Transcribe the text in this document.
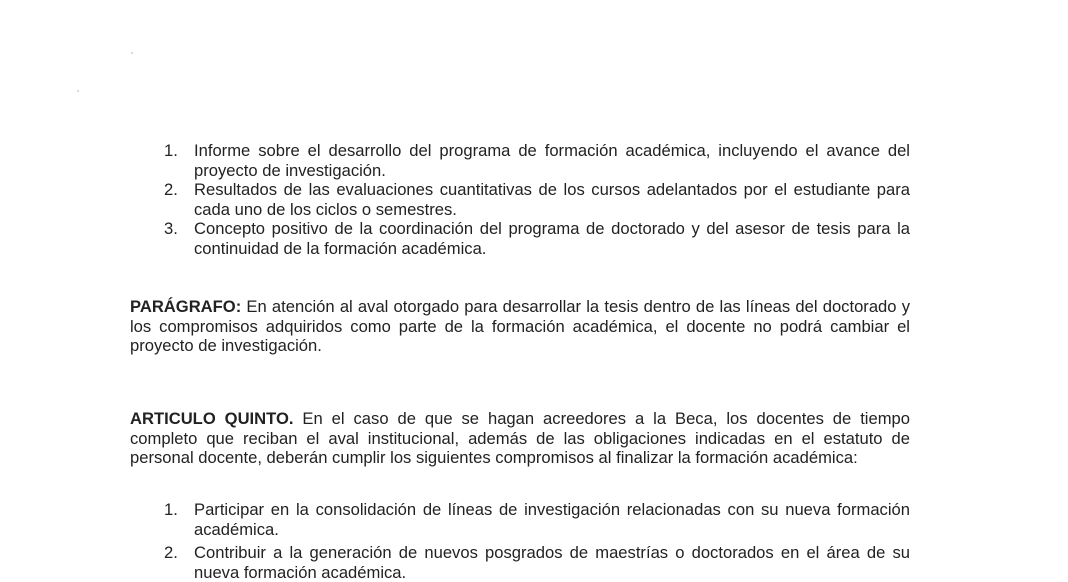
1. Informe sobre el desarrollo del programa de formación académica, incluyendo el avance del proyecto de investigación.
2. Resultados de las evaluaciones cuantitativas de los cursos adelantados por el estudiante para cada uno de los ciclos o semestres.
3. Concepto positivo de la coordinación del programa de doctorado y del asesor de tesis para la continuidad de la formación académica.

PARÁGRAFO: En atención al aval otorgado para desarrollar la tesis dentro de las líneas del doctorado y los compromisos adquiridos como parte de la formación académica, el docente no podrá cambiar el proyecto de investigación.

ARTICULO QUINTO. En el caso de que se hagan acreedores a la Beca, los docentes de tiempo completo que reciban el aval institucional, además de las obligaciones indicadas en el estatuto de personal docente, deberán cumplir los siguientes compromisos al finalizar la formación académica:

1. Participar en la consolidación de líneas de investigación relacionadas con su nueva formación académica.
2. Contribuir a la generación de nuevos posgrados de maestrías o doctorados en el área de su nueva formación académica.
